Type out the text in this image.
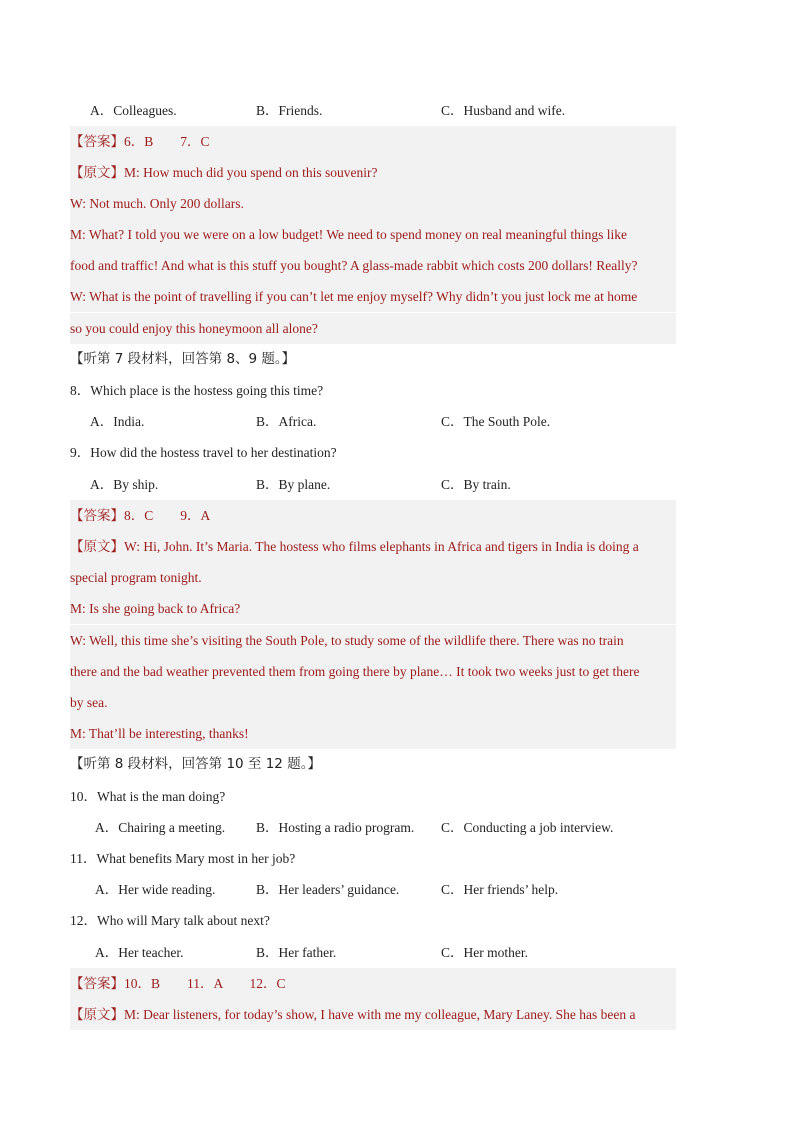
A．Colleagues.	B．Friends.	C．Husband and wife.
【答案】6．B　　7．C
【原文】M: How much did you spend on this souvenir?
W: Not much. Only 200 dollars.
M: What? I told you we were on a low budget! We need to spend money on real meaningful things like
food and traffic! And what is this stuff you bought? A glass-made rabbit which costs 200 dollars! Really?
W: What is the point of travelling if you can’t let me enjoy myself? Why didn’t you just lock me at home
so you could enjoy this honeymoon all alone?
【听第 7 段材料，回答第 8、9 题。】
8．Which place is the hostess going this time?
A．India.	B．Africa.	C．The South Pole.
9．How did the hostess travel to her destination?
A．By ship.	B．By plane.	C．By train.
【答案】8．C　　9．A
【原文】W: Hi, John. It’s Maria. The hostess who films elephants in Africa and tigers in India is doing a
special program tonight.
M: Is she going back to Africa?
W: Well, this time she’s visiting the South Pole, to study some of the wildlife there. There was no train
there and the bad weather prevented them from going there by plane… It took two weeks just to get there
by sea.
M: That’ll be interesting, thanks!
【听第 8 段材料，回答第 10 至 12 题。】
10．What is the man doing?
A．Chairing a meeting. B．Hosting a radio program. C．Conducting a job interview.
11．What benefits Mary most in her job?
A．Her wide reading.	B．Her leaders’ guidance.	C．Her friends’ help.
12．Who will Mary talk about next?
A．Her teacher.	B．Her father.	C．Her mother.
【答案】10．B　　11．A　　12．C
【原文】M: Dear listeners, for today’s show, I have with me my colleague, Mary Laney. She has been a
